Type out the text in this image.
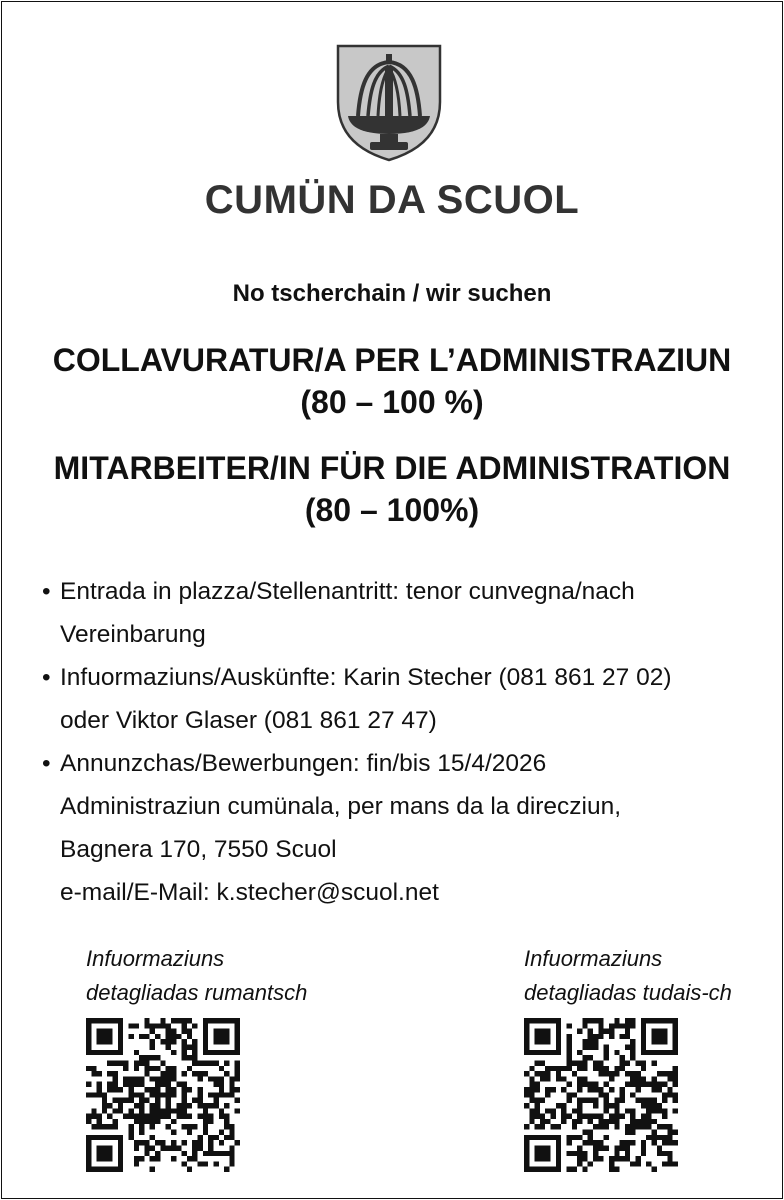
CUMÜN DA SCUOL

No tscherchain / wir suchen

COLLAVURATUR/A PER L’ADMINISTRAZIUN

(80 – 100 %)

MITARBEITER/IN FÜR DIE ADMINISTRATION

(80 – 100%)

• Entrada in plazza/Stellenantritt: tenor cunvegna/nach
Vereinbarung
• Infuormaziuns/Auskünfte: Karin Stecher (081 861 27 02)
oder Viktor Glaser (081 861 27 47)
• Annunzchas/Bewerbungen: fin/bis 15/4/2026
Administraziun cumünala, per mans da la direcziun,
Bagnera 170, 7550 Scuol
e-mail/E-Mail: k.stecher@scuol.net

Infuormaziuns
detagliadas rumantsch

Infuormaziuns
detagliadas tudais-ch
